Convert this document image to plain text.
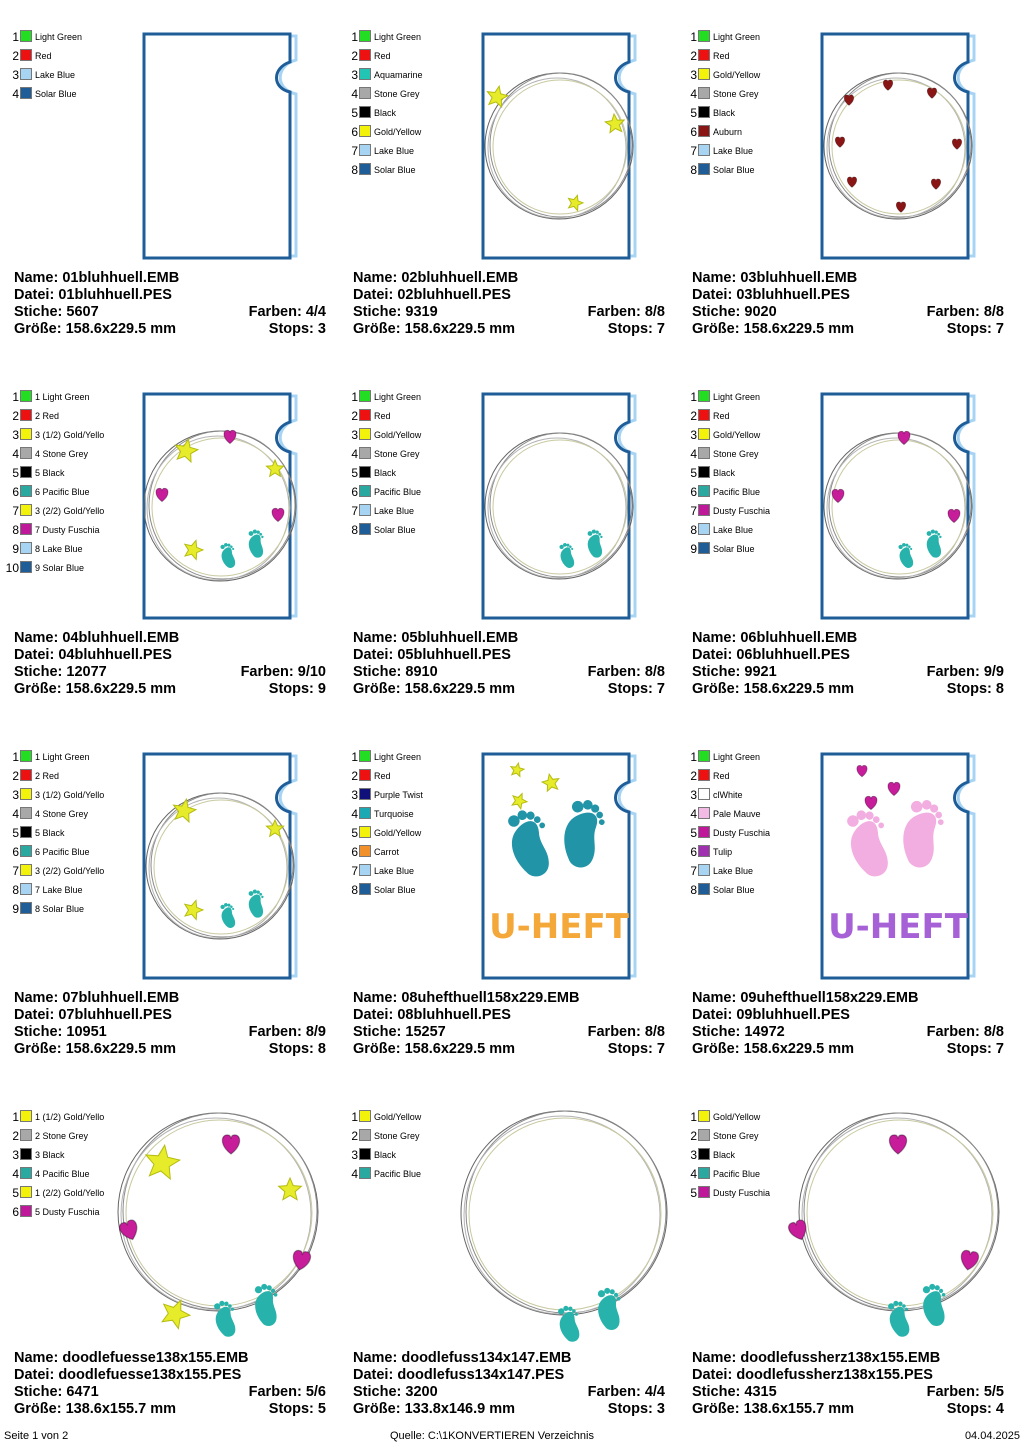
1 Light Green
2 Red
3 Lake Blue
4 Solar Blue
Name: 01bluhhuell.EMB
Datei: 01bluhhuell.PES
Stiche: 5607	Farben: 4/4
Größe: 158.6x229.5 mm	Stops: 3
1 Light Green
2 Red
3 Aquamarine
4 Stone Grey
5 Black
6 Gold/Yellow
7 Lake Blue
8 Solar Blue
Name: 02bluhhuell.EMB
Datei: 02bluhhuell.PES
Stiche: 9319	Farben: 8/8
Größe: 158.6x229.5 mm	Stops: 7
1 Light Green
2 Red
3 Gold/Yellow
4 Stone Grey
5 Black
6 Auburn
7 Lake Blue
8 Solar Blue
Name: 03bluhhuell.EMB
Datei: 03bluhhuell.PES
Stiche: 9020	Farben: 8/8
Größe: 158.6x229.5 mm	Stops: 7
1 1 Light Green
2 2 Red
3 3 (1/2) Gold/Yello
4 4 Stone Grey
5 5 Black
6 6 Pacific Blue
7 3 (2/2) Gold/Yello
8 7 Dusty Fuschia
9 8 Lake Blue
10 9 Solar Blue
Name: 04bluhhuell.EMB
Datei: 04bluhhuell.PES
Stiche: 12077	Farben: 9/10
Größe: 158.6x229.5 mm	Stops: 9
1 Light Green
2 Red
3 Gold/Yellow
4 Stone Grey
5 Black
6 Pacific Blue
7 Lake Blue
8 Solar Blue
Name: 05bluhhuell.EMB
Datei: 05bluhhuell.PES
Stiche: 8910	Farben: 8/8
Größe: 158.6x229.5 mm	Stops: 7
1 Light Green
2 Red
3 Gold/Yellow
4 Stone Grey
5 Black
6 Pacific Blue
7 Dusty Fuschia
8 Lake Blue
9 Solar Blue
Name: 06bluhhuell.EMB
Datei: 06bluhhuell.PES
Stiche: 9921	Farben: 9/9
Größe: 158.6x229.5 mm	Stops: 8
1 1 Light Green
2 2 Red
3 3 (1/2) Gold/Yello
4 4 Stone Grey
5 5 Black
6 6 Pacific Blue
7 3 (2/2) Gold/Yello
8 7 Lake Blue
9 8 Solar Blue
Name: 07bluhhuell.EMB
Datei: 07bluhhuell.PES
Stiche: 10951	Farben: 8/9
Größe: 158.6x229.5 mm	Stops: 8
U-HEFT
1 Light Green
2 Red
3 Purple Twist
4 Turquoise
5 Gold/Yellow
6 Carrot
7 Lake Blue
8 Solar Blue
Name: 08uhefthuell158x229.EMB
Datei: 08bluhhuell.PES
Stiche: 15257	Farben: 8/8
Größe: 158.6x229.5 mm	Stops: 7
U-HEFT
1 Light Green
2 Red
3 clWhite
4 Pale Mauve
5 Dusty Fuschia
6 Tulip
7 Lake Blue
8 Solar Blue
Name: 09uhefthuell158x229.EMB
Datei: 09bluhhuell.PES
Stiche: 14972	Farben: 8/8
Größe: 158.6x229.5 mm	Stops: 7
1 1 (1/2) Gold/Yello
2 2 Stone Grey
3 3 Black
4 4 Pacific Blue
5 1 (2/2) Gold/Yello
6 5 Dusty Fuschia
Name: doodlefuesse138x155.EMB
Datei: doodlefuesse138x155.PES
Stiche: 6471	Farben: 5/6
Größe: 138.6x155.7 mm	Stops: 5
1 Gold/Yellow
2 Stone Grey
3 Black
4 Pacific Blue
Name: doodlefuss134x147.EMB
Datei: doodlefuss134x147.PES
Stiche: 3200	Farben: 4/4
Größe: 133.8x146.9 mm	Stops: 3
1 Gold/Yellow
2 Stone Grey
3 Black
4 Pacific Blue
5 Dusty Fuschia
Name: doodlefussherz138x155.EMB
Datei: doodlefussherz138x155.PES
Stiche: 4315	Farben: 5/5
Größe: 138.6x155.7 mm	Stops: 4
Seite 1 von 2	Quelle: C:\1KONVERTIEREN Verzeichnis	04.04.2025
